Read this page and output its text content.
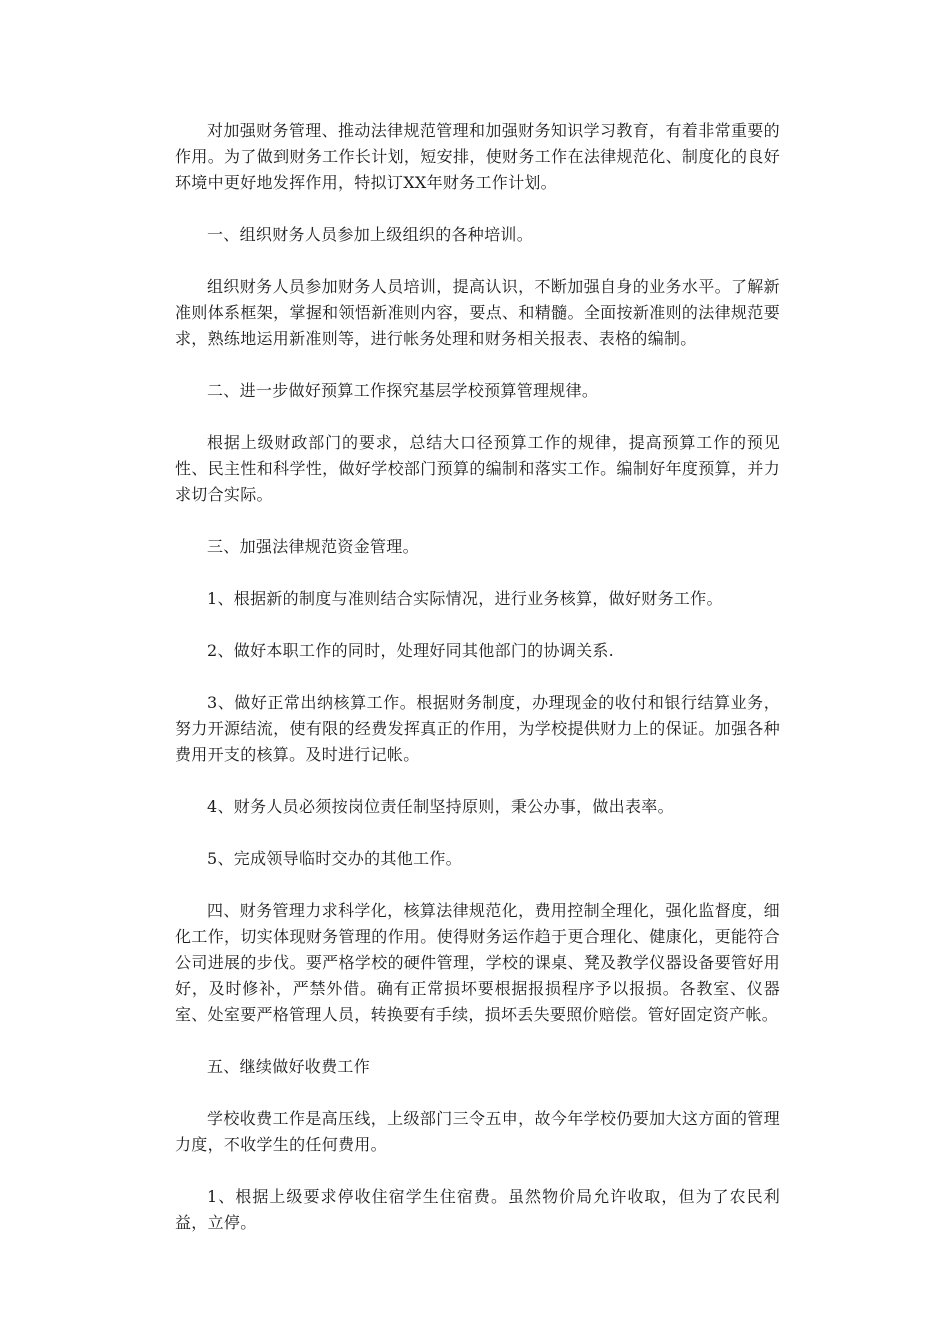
对加强财务管理、推动法律规范管理和加强财务知识学习教育，有着非常重要的作用。为了做到财务工作长计划，短安排，使财务工作在法律规范化、制度化的良好环境中更好地发挥作用，特拟订XX年财务工作计划。

一、组织财务人员参加上级组织的各种培训。

组织财务人员参加财务人员培训，提高认识，不断加强自身的业务水平。了解新准则体系框架，掌握和领悟新准则内容，要点、和精髓。全面按新准则的法律规范要求，熟练地运用新准则等，进行帐务处理和财务相关报表、表格的编制。

二、进一步做好预算工作探究基层学校预算管理规律。

根据上级财政部门的要求，总结大口径预算工作的规律，提高预算工作的预见性、民主性和科学性，做好学校部门预算的编制和落实工作。编制好年度预算，并力求切合实际。

三、加强法律规范资金管理。

1、根据新的制度与准则结合实际情况，进行业务核算，做好财务工作。

2、做好本职工作的同时，处理好同其他部门的协调关系.

3、做好正常出纳核算工作。根据财务制度，办理现金的收付和银行结算业务，努力开源结流，使有限的经费发挥真正的作用，为学校提供财力上的保证。加强各种费用开支的核算。及时进行记帐。

4、财务人员必须按岗位责任制坚持原则，秉公办事，做出表率。

5、完成领导临时交办的其他工作。

四、财务管理力求科学化，核算法律规范化，费用控制全理化，强化监督度，细化工作，切实体现财务管理的作用。使得财务运作趋于更合理化、健康化，更能符合公司进展的步伐。要严格学校的硬件管理，学校的课桌、凳及教学仪器设备要管好用好，及时修补，严禁外借。确有正常损坏要根据报损程序予以报损。各教室、仪器室、处室要严格管理人员，转换要有手续，损坏丢失要照价赔偿。管好固定资产帐。

五、继续做好收费工作

学校收费工作是高压线，上级部门三令五申，故今年学校仍要加大这方面的管理力度，不收学生的任何费用。

1、根据上级要求停收住宿学生住宿费。虽然物价局允许收取，但为了农民利益，立停。
